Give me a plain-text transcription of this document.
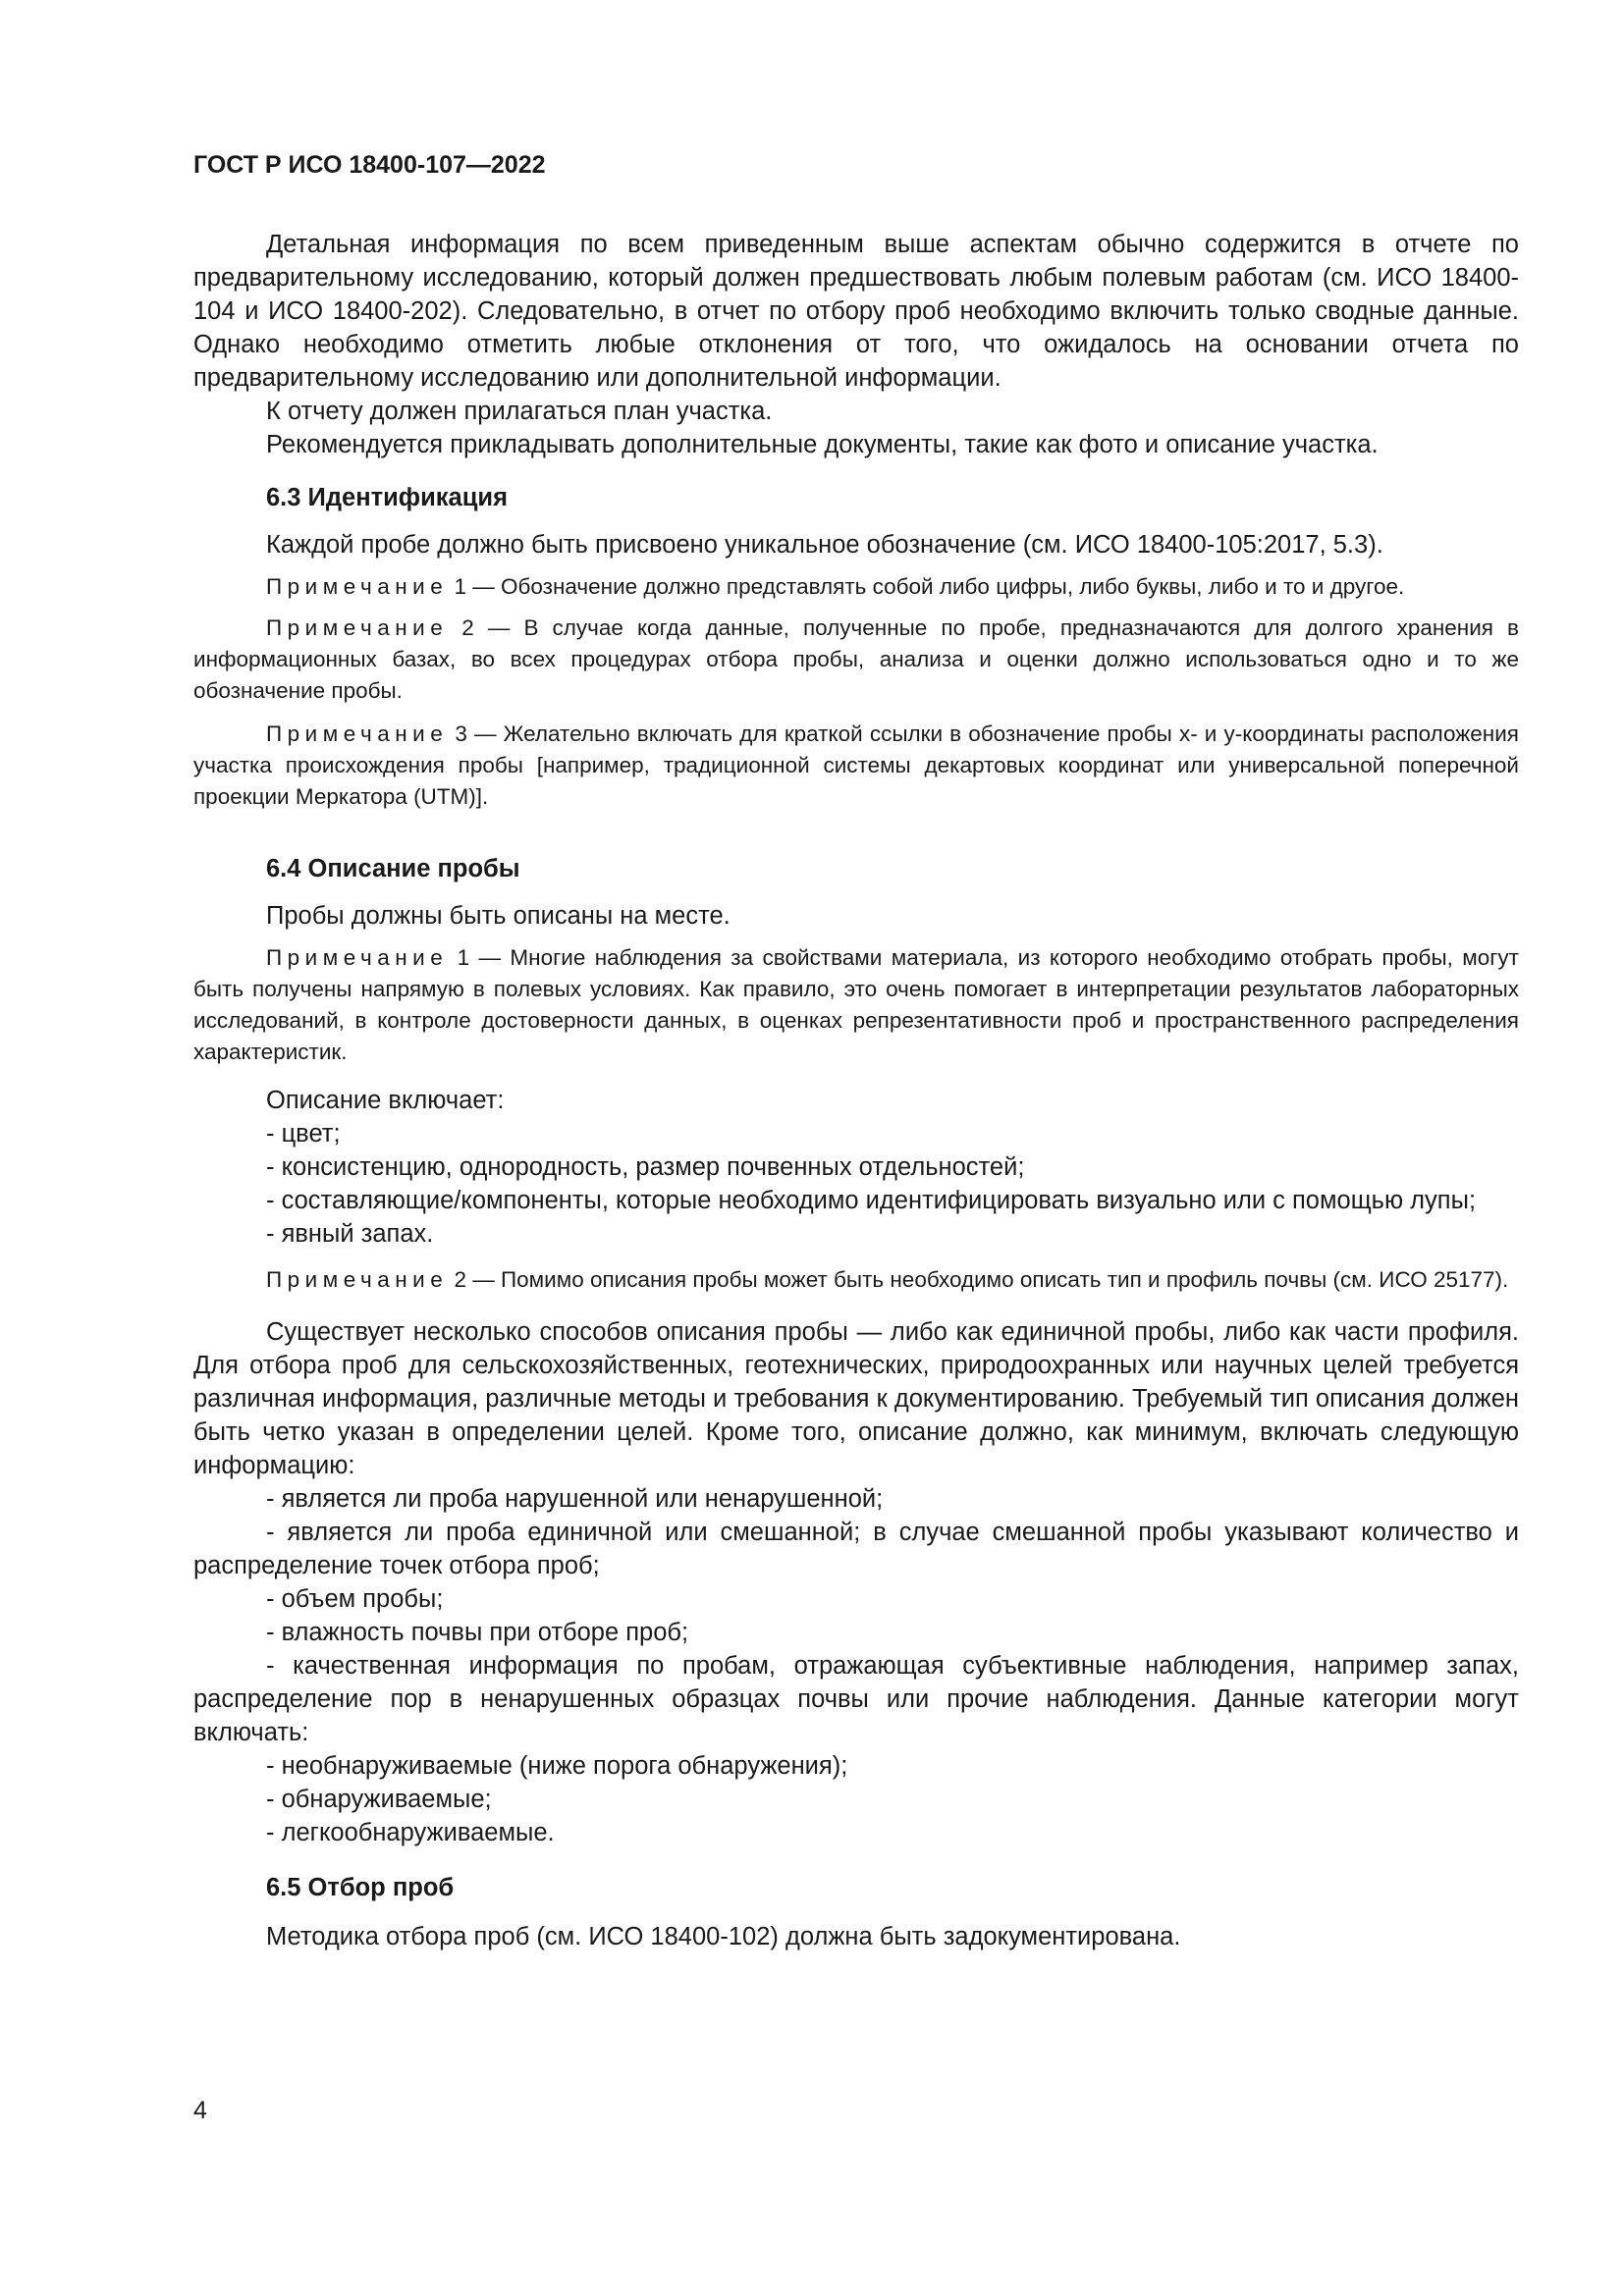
ГОСТ Р ИСО 18400-107—2022

Детальная информация по всем приведенным выше аспектам обычно содержится в отчете по предварительному исследованию, который должен предшествовать любым полевым работам (см. ИСО 18400-104 и ИСО 18400-202). Следовательно, в отчет по отбору проб необходимо включить только сводные данные. Однако необходимо отметить любые отклонения от того, что ожидалось на основании отчета по предварительному исследованию или дополнительной информации.

К отчету должен прилагаться план участка.

Рекомендуется прикладывать дополнительные документы, такие как фото и описание участка.

6.3 Идентификация

Каждой пробе должно быть присвоено уникальное обозначение (см. ИСО 18400-105:2017, 5.3).

Примечание 1 — Обозначение должно представлять собой либо цифры, либо буквы, либо и то и другое.

Примечание 2 — В случае когда данные, полученные по пробе, предназначаются для долгого хранения в информационных базах, во всех процедурах отбора пробы, анализа и оценки должно использоваться одно и то же обозначение пробы.

Примечание 3 — Желательно включать для краткой ссылки в обозначение пробы x- и y-координаты расположения участка происхождения пробы [например, традиционной системы декартовых координат или универсальной поперечной проекции Меркатора (UTM)].

6.4 Описание пробы

Пробы должны быть описаны на месте.

Примечание 1 — Многие наблюдения за свойствами материала, из которого необходимо отобрать пробы, могут быть получены напрямую в полевых условиях. Как правило, это очень помогает в интерпретации результатов лабораторных исследований, в контроле достоверности данных, в оценках репрезентативности проб и пространственного распределения характеристик.

Описание включает:

- цвет;

- консистенцию, однородность, размер почвенных отдельностей;

- составляющие/компоненты, которые необходимо идентифицировать визуально или с помощью лупы;

- явный запах.

Примечание 2 — Помимо описания пробы может быть необходимо описать тип и профиль почвы (см. ИСО 25177).

Существует несколько способов описания пробы — либо как единичной пробы, либо как части профиля. Для отбора проб для сельскохозяйственных, геотехнических, природоохранных или научных целей требуется различная информация, различные методы и требования к документированию. Требуемый тип описания должен быть четко указан в определении целей. Кроме того, описание должно, как минимум, включать следующую информацию:

- является ли проба нарушенной или ненарушенной;

- является ли проба единичной или смешанной; в случае смешанной пробы указывают количество и распределение точек отбора проб;

- объем пробы;

- влажность почвы при отборе проб;

- качественная информация по пробам, отражающая субъективные наблюдения, например запах, распределение пор в ненарушенных образцах почвы или прочие наблюдения. Данные категории могут включать:

- необнаруживаемые (ниже порога обнаружения);

- обнаруживаемые;

- легкообнаруживаемые.

6.5 Отбор проб

Методика отбора проб (см. ИСО 18400-102) должна быть задокументирована.

4
